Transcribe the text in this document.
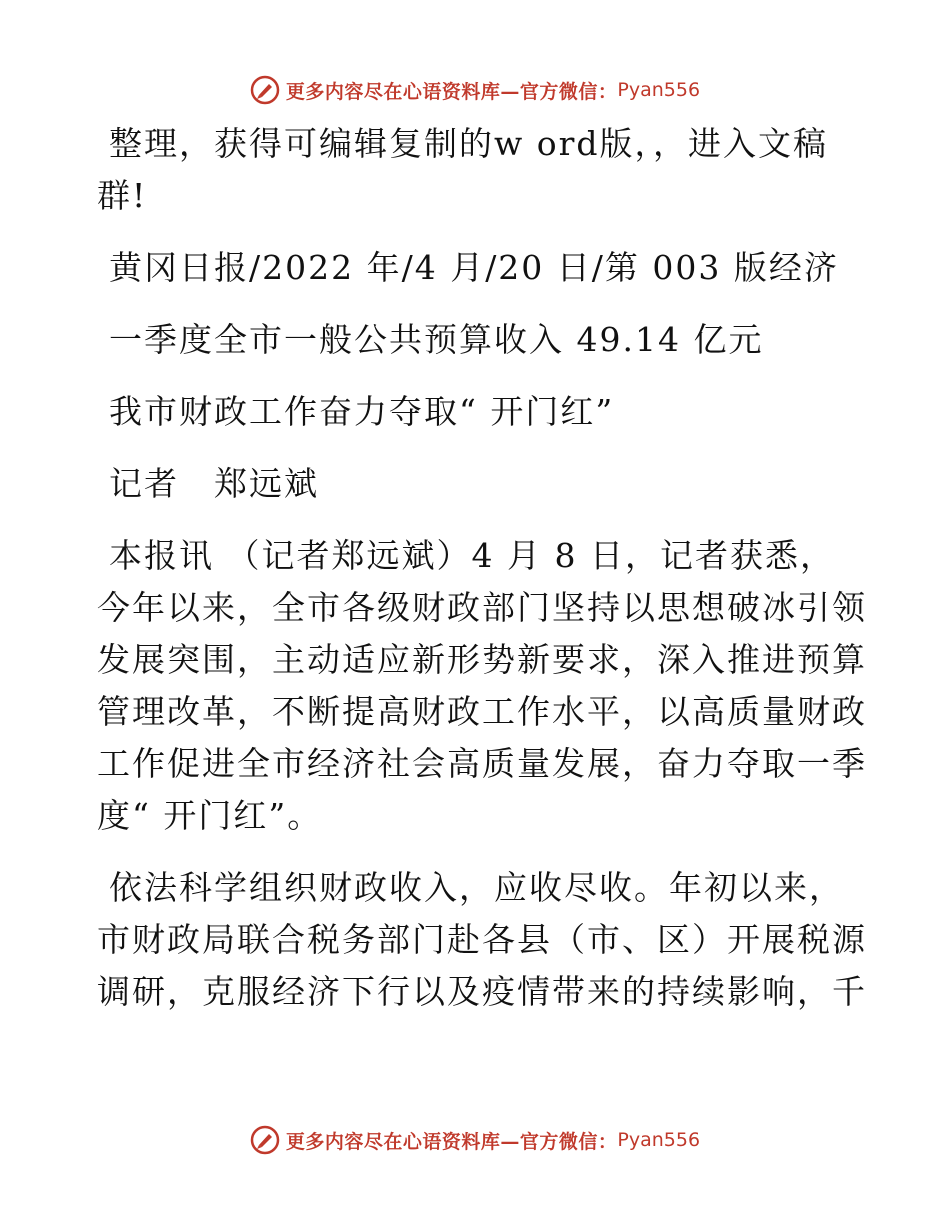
更多内容尽在心语资料库—官方微信： Pyan556
整理，获得可编辑复制的w ord版，，进入文稿
群!
黄冈日报/2022 年/4 月/20 日/第 003 版经济
一季度全市一般公共预算收入 49.14 亿元
我市财政工作奋力夺取“ 开门红”
记者　郑远斌
本报讯 （记者郑远斌）4 月 8 日，记者获悉，
今年以来，全市各级财政部门坚持以思想破冰引领
发展突围，主动适应新形势新要求，深入推进预算
管理改革，不断提高财政工作水平，以高质量财政
工作促进全市经济社会高质量发展，奋力夺取一季
度“ 开门红”。
依法科学组织财政收入，应收尽收。年初以来，
市财政局联合税务部门赴各县（市、区）开展税源
调研，克服经济下行以及疫情带来的持续影响，千
更多内容尽在心语资料库—官方微信： Pyan556
